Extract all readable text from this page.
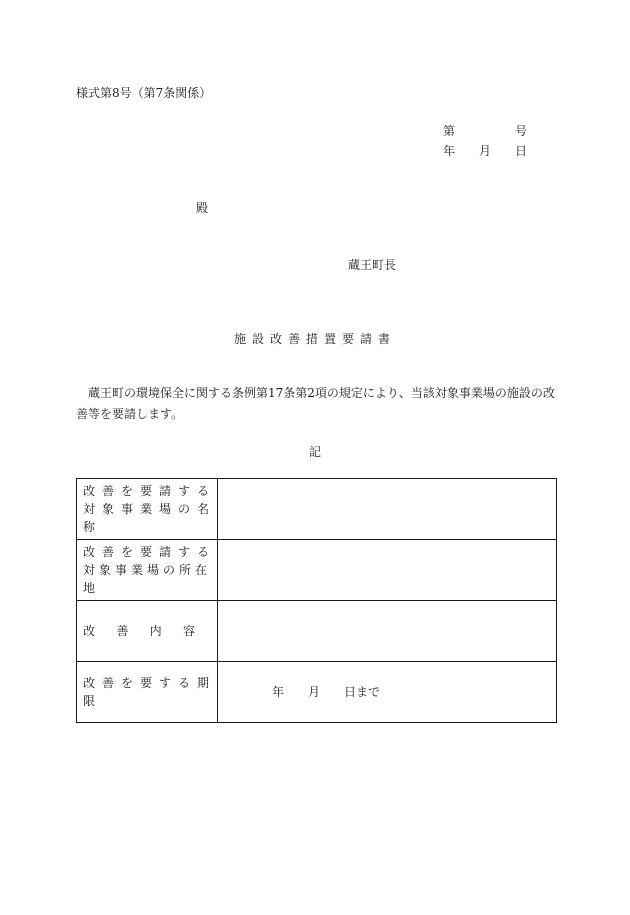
様式第8号（第7条関係）
第	号
年 月 日
殿
蔵王町長
施設改善措置要請書
蔵王町の環境保全に関する条例第17条第2項の規定により、当該対象事業場の施設の改善等を要請します。
記
改善を要請する
対象事業場の名称	

改善を要請する
対象事業場の所在地	

改 善 内 容	

改善を要する期限	年 月 日まで
